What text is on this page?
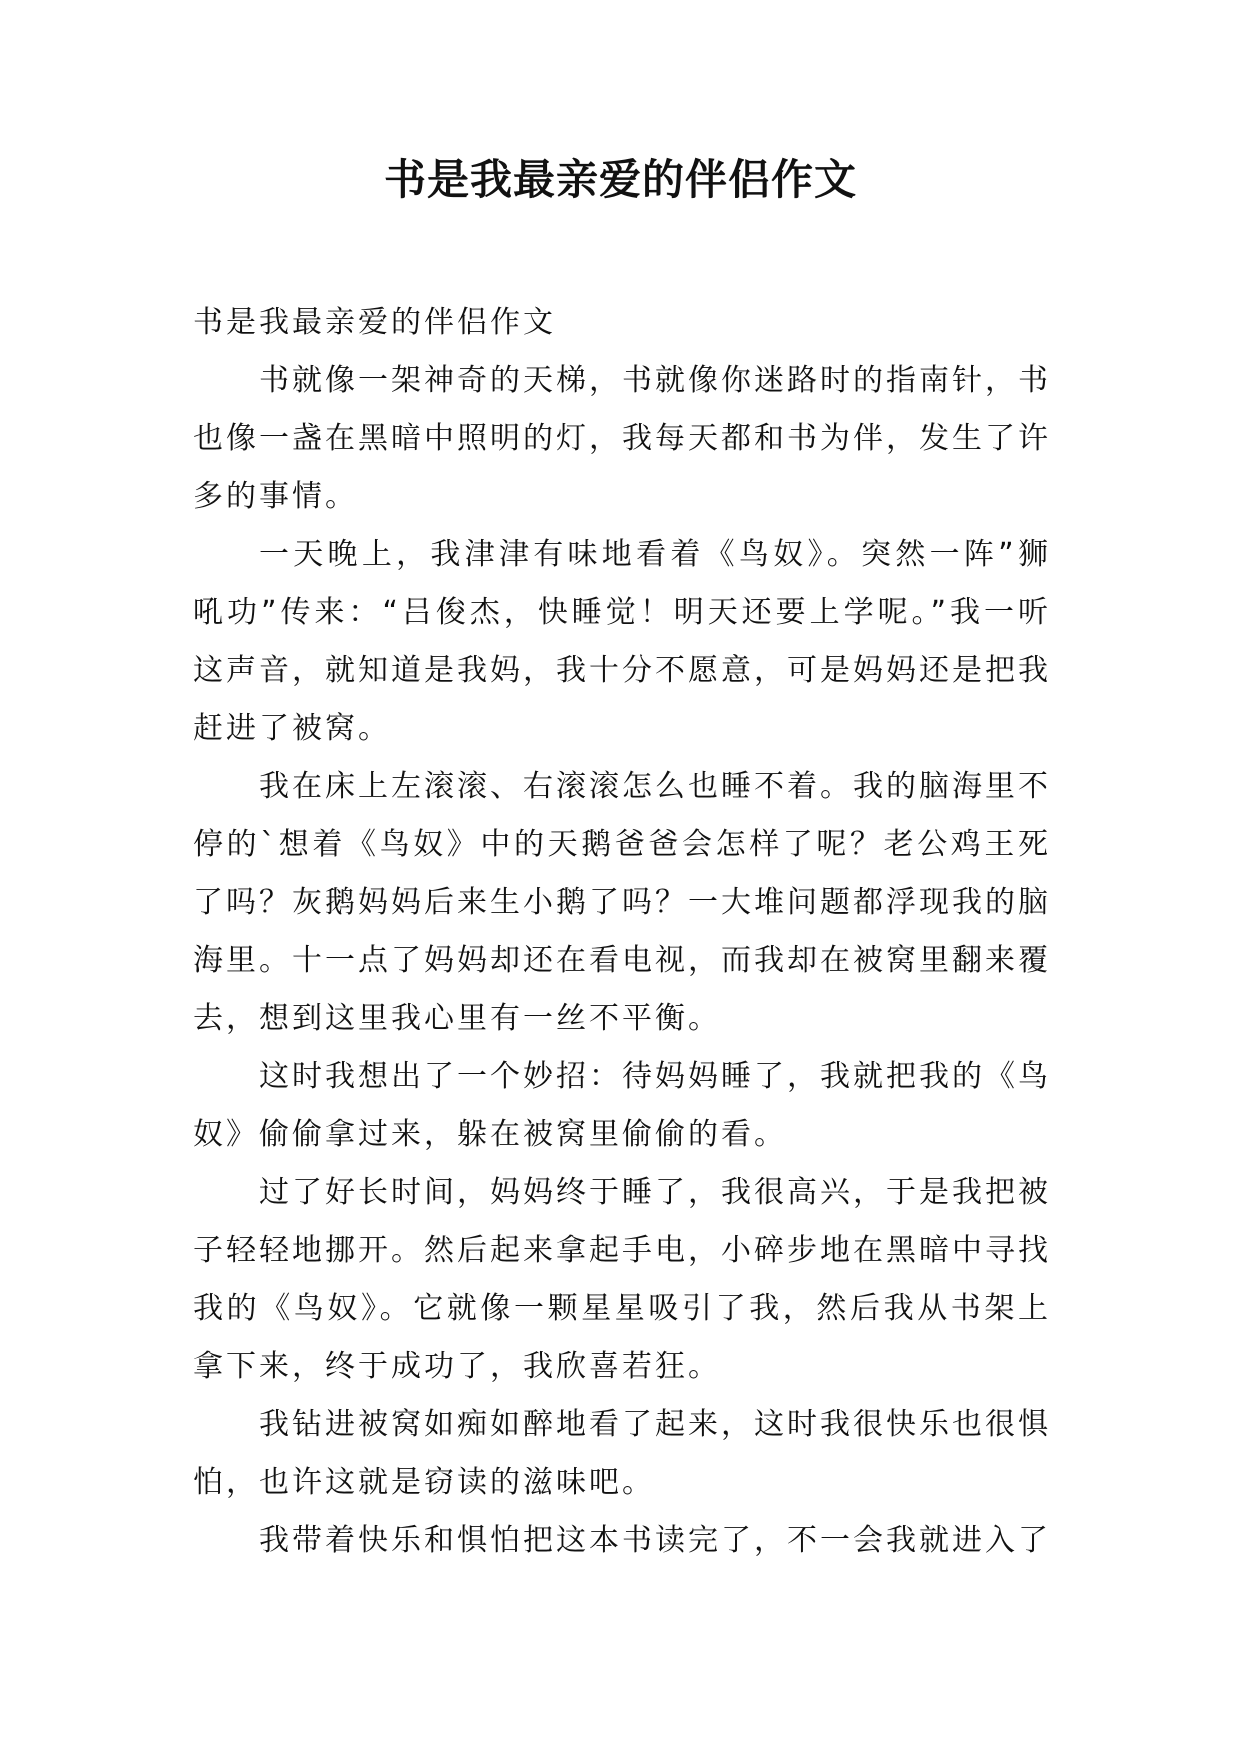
书是我最亲爱的伴侣作文

书是我最亲爱的伴侣作文

书就像一架神奇的天梯，书就像你迷路时的指南针，书也像一盏在黑暗中照明的灯，我每天都和书为伴，发生了许多的事情。

一天晚上，我津津有味地看着《鸟奴》。突然一阵”狮吼功”传来：“吕俊杰，快睡觉！明天还要上学呢。”我一听这声音，就知道是我妈，我十分不愿意，可是妈妈还是把我赶进了被窝。

我在床上左滚滚、右滚滚怎么也睡不着。我的脑海里不停的`想着《鸟奴》中的天鹅爸爸会怎样了呢？老公鸡王死了吗？灰鹅妈妈后来生小鹅了吗？一大堆问题都浮现我的脑海里。十一点了妈妈却还在看电视，而我却在被窝里翻来覆去，想到这里我心里有一丝不平衡。

这时我想出了一个妙招：待妈妈睡了，我就把我的《鸟奴》偷偷拿过来，躲在被窝里偷偷的看。

过了好长时间，妈妈终于睡了，我很高兴，于是我把被子轻轻地挪开。然后起来拿起手电，小碎步地在黑暗中寻找我的《鸟奴》。它就像一颗星星吸引了我，然后我从书架上拿下来，终于成功了，我欣喜若狂。

我钻进被窝如痴如醉地看了起来，这时我很快乐也很惧怕，也许这就是窃读的滋味吧。

我带着快乐和惧怕把这本书读完了，不一会我就进入了
